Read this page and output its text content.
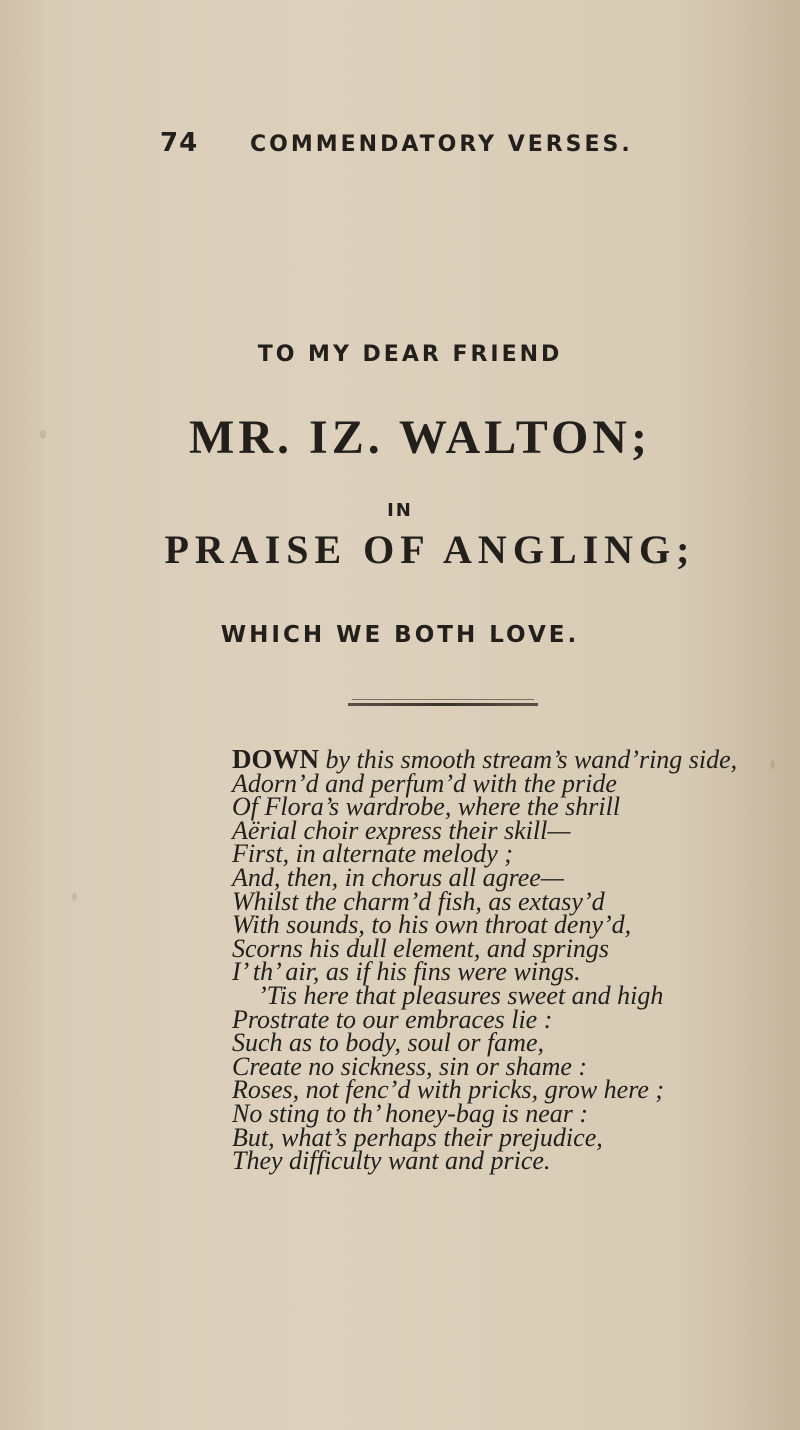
74 COMMENDATORY VERSES.
TO MY DEAR FRIEND
MR. IZ. WALTON;
IN
PRAISE OF ANGLING;
WHICH WE BOTH LOVE.
DOWN by this smooth stream’s wand’ring side,
Adorn’d and perfum’d with the pride
Of Flora’s wardrobe, where the shrill
Aërial choir express their skill—
First, in alternate melody ;
And, then, in chorus all agree—
Whilst the charm’d fish, as extasy’d
With sounds, to his own throat deny’d,
Scorns his dull element, and springs
I’ th’ air, as if his fins were wings.
’Tis here that pleasures sweet and high
Prostrate to our embraces lie :
Such as to body, soul or fame,
Create no sickness, sin or shame :
Roses, not fenc’d with pricks, grow here ;
No sting to th’ honey-bag is near :
But, what’s perhaps their prejudice,
They difficulty want and price.
